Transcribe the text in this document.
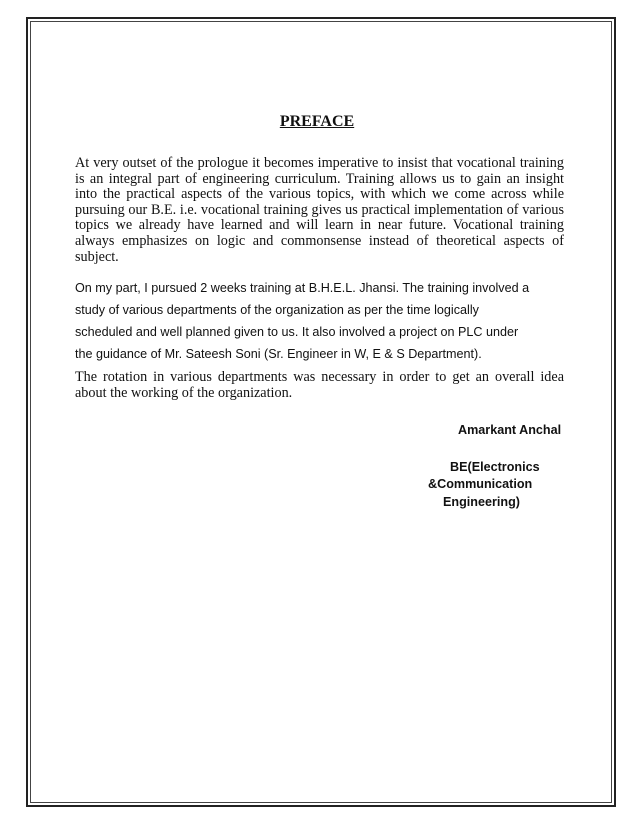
PREFACE

At very outset of the prologue it becomes imperative to insist that vocational training is an integral part of engineering curriculum. Training allows us to gain an insight into the practical aspects of the various topics, with which we come across while pursuing our B.E. i.e. vocational training gives us practical implementation of various topics we already have learned and will learn in near future. Vocational training always emphasizes on logic and commonsense instead of theoretical aspects of subject.

On my part, I pursued 2 weeks training at B.H.E.L. Jhansi. The training involved a
study of various departments of the organization as per the time logically
scheduled and well planned given to us. It also involved a project on PLC under
the guidance of Mr. Sateesh Soni (Sr. Engineer in W, E & S Department).

The rotation in various departments was necessary in order to get an overall idea about the working of the organization.

Amarkant Anchal
BE(Electronics
&Communication
Engineering)
